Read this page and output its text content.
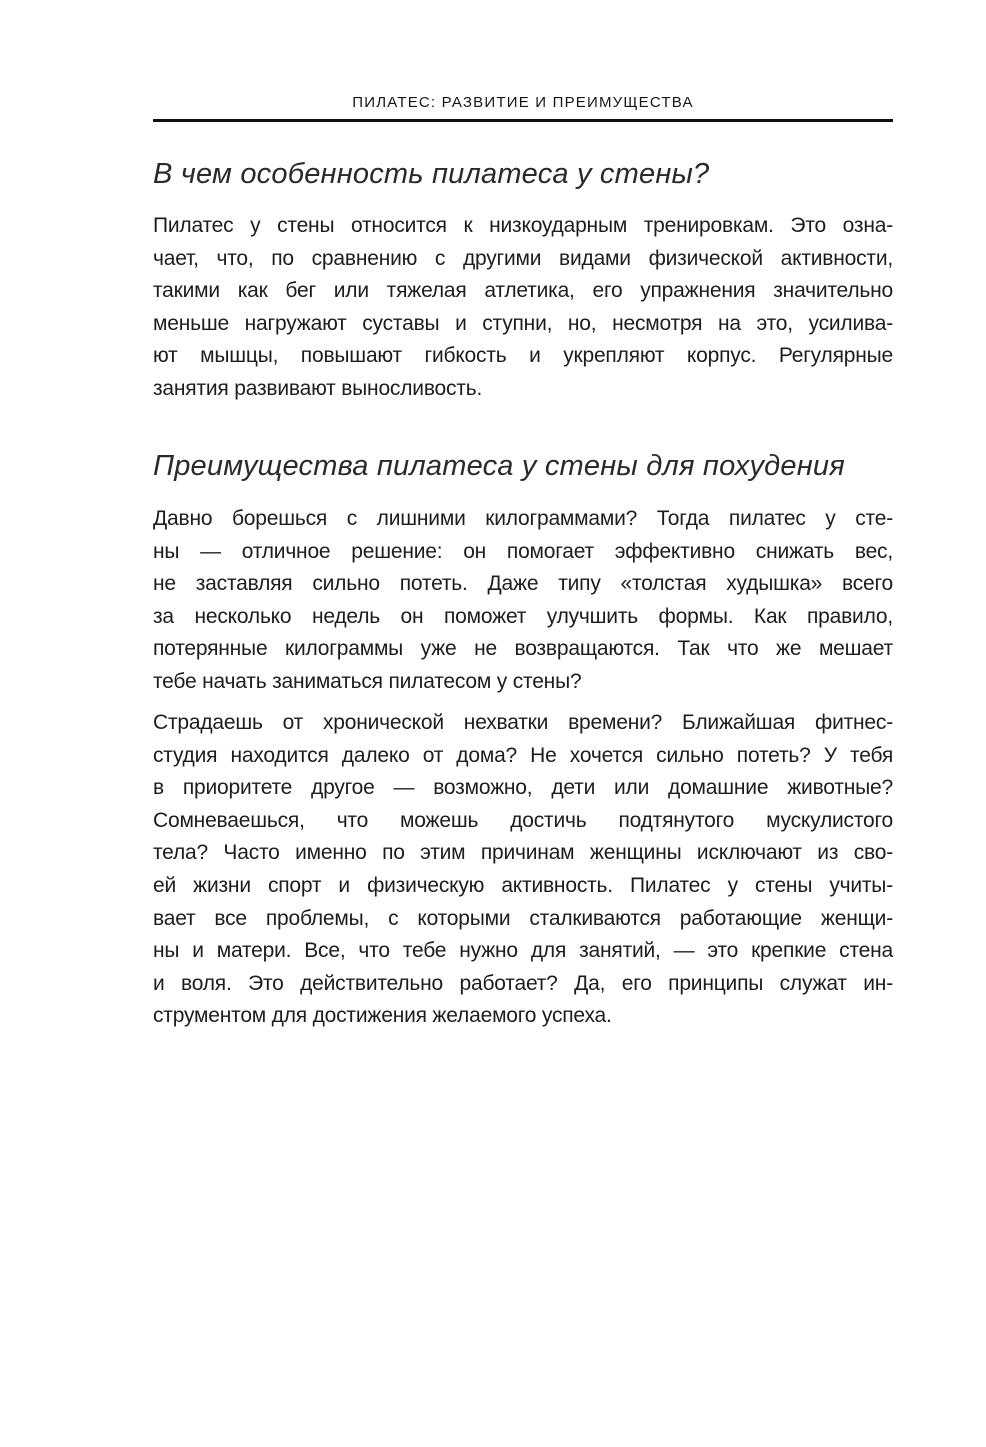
ПИЛАТЕС: РАЗВИТИЕ И ПРЕИМУЩЕСТВА
В чем особенность пилатеса у стены?
Пилатес у стены относится к низкоударным тренировкам. Это озна-
чает, что, по сравнению с другими видами физической активности,
такими как бег или тяжелая атлетика, его упражнения значительно
меньше нагружают суставы и ступни, но, несмотря на это, усилива-
ют мышцы, повышают гибкость и укрепляют корпус. Регулярные
занятия развивают выносливость.
Преимущества пилатеса у стены для похудения
Давно борешься с лишними килограммами? Тогда пилатес у сте-
ны — отличное решение: он помогает эффективно снижать вес,
не заставляя сильно потеть. Даже типу «толстая худышка» всего
за несколько недель он поможет улучшить формы. Как правило,
потерянные килограммы уже не возвращаются. Так что же мешает
тебе начать заниматься пилатесом у стены?
Страдаешь от хронической нехватки времени? Ближайшая фитнес-
студия находится далеко от дома? Не хочется сильно потеть? У тебя
в приоритете другое — возможно, дети или домашние животные?
Сомневаешься, что можешь достичь подтянутого мускулистого
тела? Часто именно по этим причинам женщины исключают из сво-
ей жизни спорт и физическую активность. Пилатес у стены учиты-
вает все проблемы, с которыми сталкиваются работающие женщи-
ны и матери. Все, что тебе нужно для занятий, — это крепкие стена
и воля. Это действительно работает? Да, его принципы служат ин-
струментом для достижения желаемого успеха.
